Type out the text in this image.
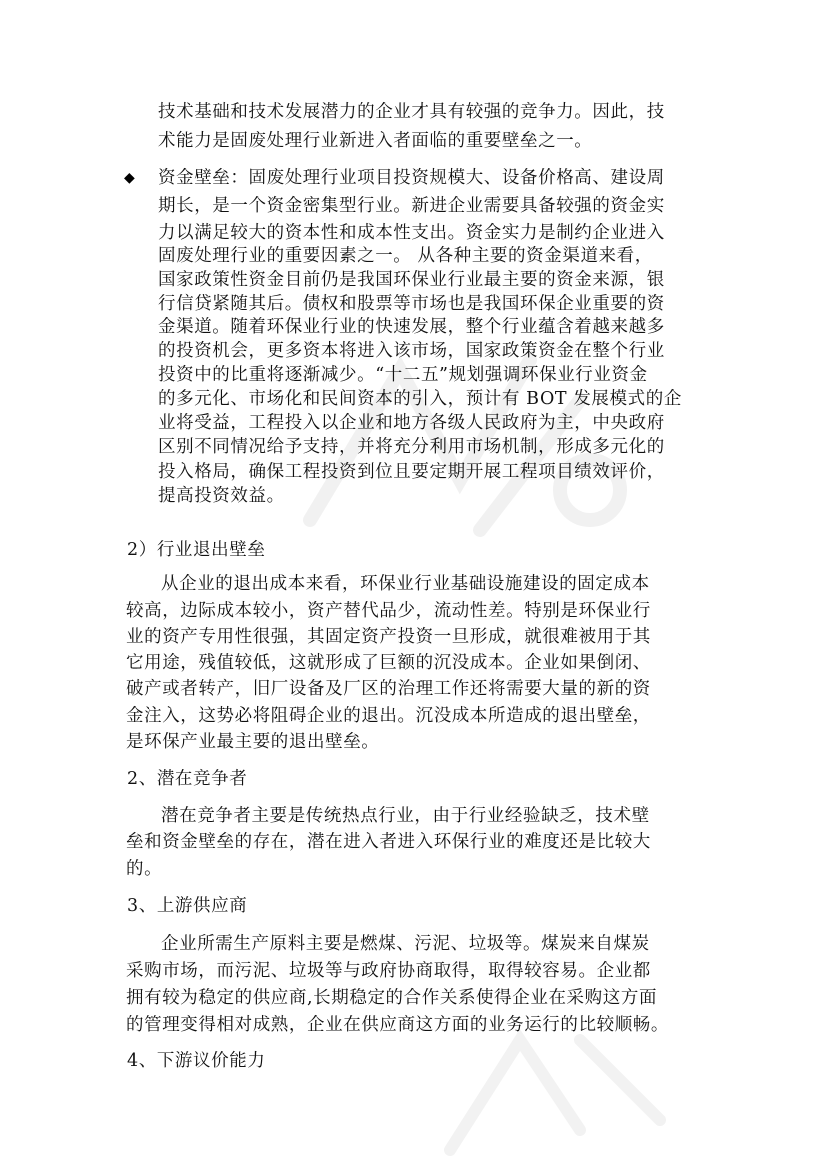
技术基础和技术发展潜力的企业才具有较强的竞争力。因此，技
术能力是固废处理行业新进入者面临的重要壁垒之一。
◆ 资金壁垒：固废处理行业项目投资规模大、设备价格高、建设周
期长，是一个资金密集型行业。新进企业需要具备较强的资金实
力以满足较大的资本性和成本性支出。资金实力是制约企业进入
固废处理行业的重要因素之一。 从各种主要的资金渠道来看，
国家政策性资金目前仍是我国环保业行业最主要的资金来源，银
行信贷紧随其后。债权和股票等市场也是我国环保企业重要的资
金渠道。随着环保业行业的快速发展，整个行业蕴含着越来越多
的投资机会，更多资本将进入该市场，国家政策资金在整个行业
投资中的比重将逐渐减少。“十二五”规划强调环保业行业资金
的多元化、市场化和民间资本的引入，预计有 BOT 发展模式的企
业将受益，工程投入以企业和地方各级人民政府为主，中央政府
区别不同情况给予支持，并将充分利用市场机制，形成多元化的
投入格局，确保工程投资到位且要定期开展工程项目绩效评价，
提高投资效益。
2）行业退出壁垒
从企业的退出成本来看，环保业行业基础设施建设的固定成本
较高，边际成本较小，资产替代品少，流动性差。特别是环保业行
业的资产专用性很强，其固定资产投资一旦形成，就很难被用于其
它用途，残值较低，这就形成了巨额的沉没成本。企业如果倒闭、
破产或者转产，旧厂设备及厂区的治理工作还将需要大量的新的资
金注入，这势必将阻碍企业的退出。沉没成本所造成的退出壁垒，
是环保产业最主要的退出壁垒。
2、潜在竞争者
潜在竞争者主要是传统热点行业，由于行业经验缺乏，技术壁
垒和资金壁垒的存在，潜在进入者进入环保行业的难度还是比较大
的。
3、上游供应商
企业所需生产原料主要是燃煤、污泥、垃圾等。煤炭来自煤炭
采购市场，而污泥、垃圾等与政府协商取得，取得较容易。企业都
拥有较为稳定的供应商,长期稳定的合作关系使得企业在采购这方面
的管理变得相对成熟，企业在供应商这方面的业务运行的比较顺畅。
4、下游议价能力
